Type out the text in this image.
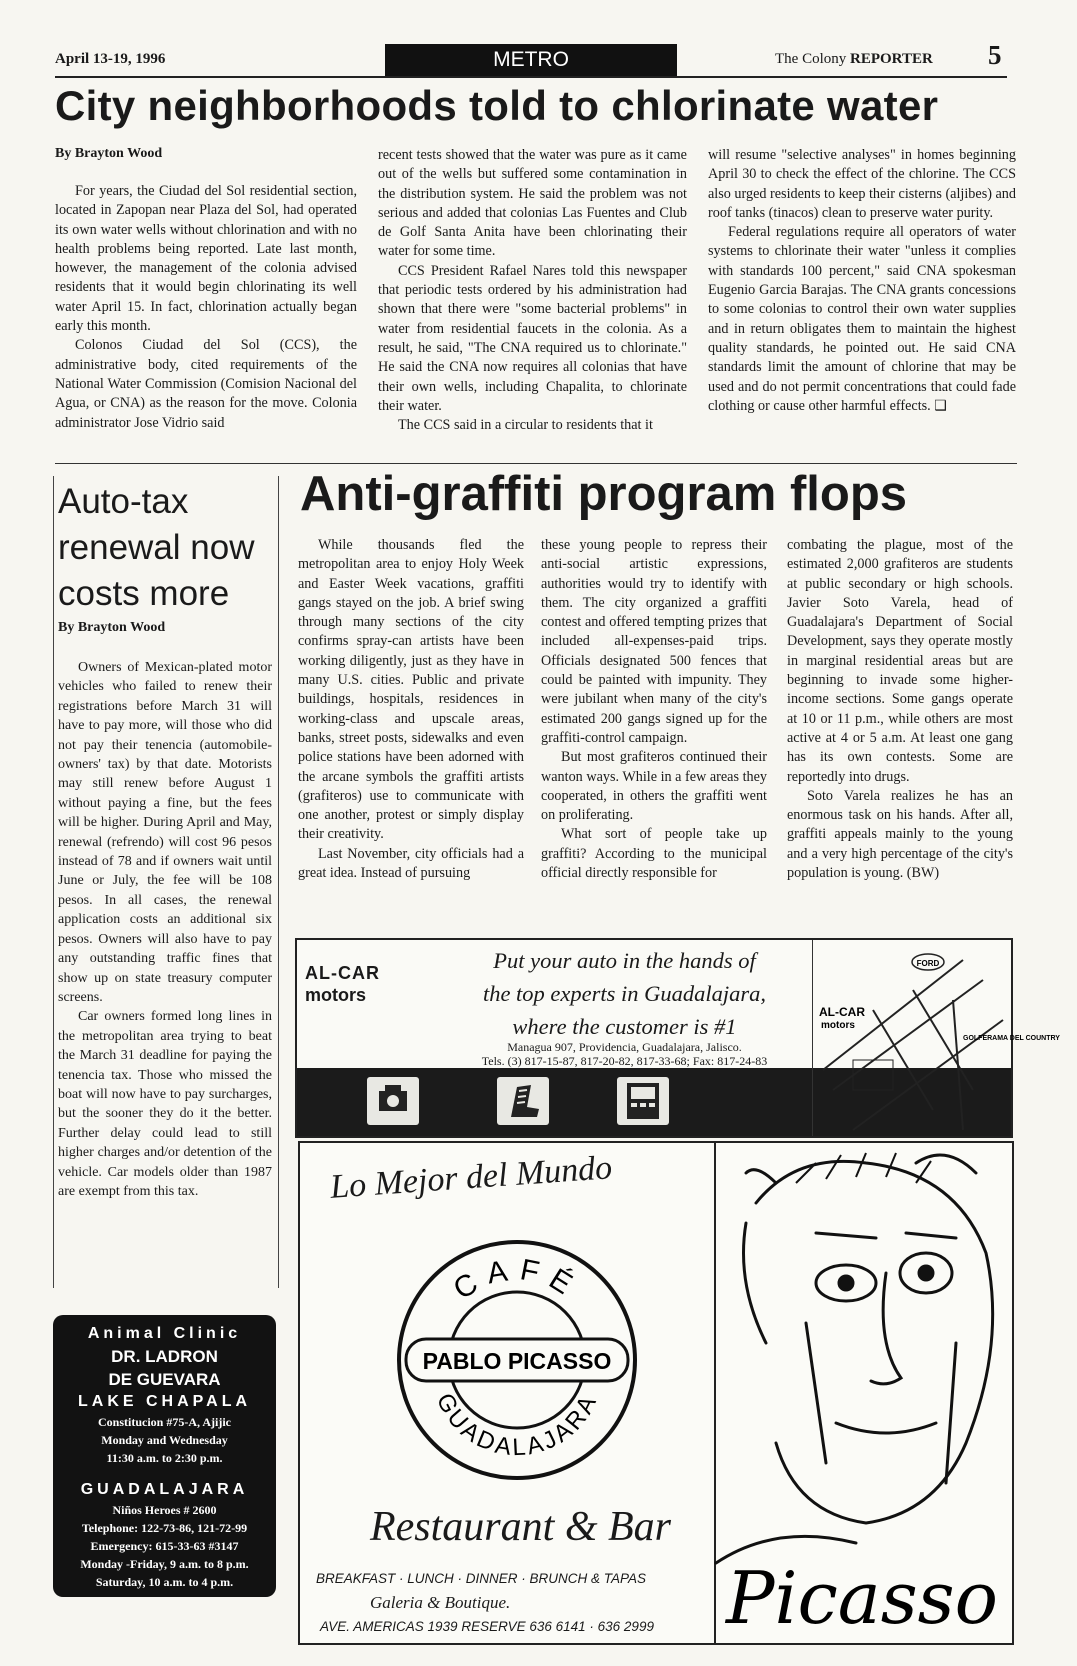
April 13-19, 1996	METRO	The Colony REPORTER 5
City neighborhoods told to chlorinate water

By Brayton Wood

For years, the Ciudad del Sol residential section, located in Zapopan near Plaza del Sol, had operated its own water wells without chlorination and with no health problems being reported. Late last month, however, the management of the colonia advised residents that it would begin chlorinating its well water April 15. In fact, chlorination actually began early this month.

Colonos Ciudad del Sol (CCS), the administrative body, cited requirements of the National Water Commission (Comision Nacional del Agua, or CNA) as the reason for the move. Colonia administrator Jose Vidrio said

recent tests showed that the water was pure as it came out of the wells but suffered some contamination in the distribution system. He said the problem was not serious and added that colonias Las Fuentes and Club de Golf Santa Anita have been chlorinating their water for some time.

CCS President Rafael Nares told this newspaper that periodic tests ordered by his administration had shown that there were "some bacterial problems" in water from residential faucets in the colonia. As a result, he said, "The CNA required us to chlorinate." He said the CNA now requires all colonias that have their own wells, including Chapalita, to chlorinate their water.

The CCS said in a circular to residents that it

will resume "selective analyses" in homes beginning April 30 to check the effect of the chlorine. The CCS also urged residents to keep their cisterns (aljibes) and roof tanks (tinacos) clean to preserve water purity.

Federal regulations require all operators of water systems to chlorinate their water "unless it complies with standards 100 percent," said CNA spokesman Eugenio Garcia Barajas. The CNA grants concessions to some colonias to control their own water supplies and in return obligates them to maintain the highest quality standards, he pointed out. He said CNA standards limit the amount of chlorine that may be used and do not permit concentrations that could fade clothing or cause other harmful effects. ❑

Auto-tax renewal now costs more

By Brayton Wood

Owners of Mexican-plated motor vehicles who failed to renew their registrations before March 31 will have to pay more, will those who did not pay their tenencia (automobile-owners' tax) by that date. Motorists may still renew before August 1 without paying a fine, but the fees will be higher. During April and May, renewal (refrendo) will cost 96 pesos instead of 78 and if owners wait until June or July, the fee will be 108 pesos. In all cases, the renewal application costs an additional six pesos. Owners will also have to pay any outstanding traffic fines that show up on state treasury computer screens.

Car owners formed long lines in the metropolitan area trying to beat the March 31 deadline for paying the tenencia tax. Those who missed the boat will now have to pay surcharges, but the sooner they do it the better. Further delay could lead to still higher charges and/or detention of the vehicle. Car models older than 1987 are exempt from this tax.

Anti-graffiti program flops

While thousands fled the metropolitan area to enjoy Holy Week and Easter Week vacations, graffiti gangs stayed on the job. A brief swing through many sections of the city confirms spray-can artists have been working diligently, just as they have in many U.S. cities. Public and private buildings, hospitals, residences in working-class and upscale areas, banks, street posts, sidewalks and even police stations have been adorned with the arcane symbols the graffiti artists (grafiteros) use to communicate with one another, protest or simply display their creativity.

Last November, city officials had a great idea. Instead of pursuing

these young people to repress their anti-social artistic expressions, authorities would try to identify with them. The city organized a graffiti contest and offered tempting prizes that included all-expenses-paid trips. Officials designated 500 fences that could be painted with impunity. They were jubilant when many of the city's estimated 200 gangs signed up for the graffiti-control campaign.

But most grafiteros continued their wanton ways. While in a few areas they cooperated, in others the graffiti went on proliferating.

What sort of people take up graffiti? According to the municipal official directly responsible for

combating the plague, most of the estimated 2,000 grafiteros are students at public secondary or high schools. Javier Soto Varela, head of Guadalajara's Department of Social Development, says they operate mostly in marginal residential areas but are beginning to invade some higher-income sections. Some gangs operate at 10 or 11 p.m., while others are most active at 4 or 5 a.m. At least one gang has its own contests. Some are reportedly into drugs.

Soto Varela realizes he has an enormous task on his hands. After all, graffiti appeals mainly to the young and a very high percentage of the city's population is young. (BW)

Animal Clinic
DR. LADRON
DE GUEVARA
LAKE CHAPALA
Constitucion #75-A, Ajijic
Monday and Wednesday
11:30 a.m. to 2:30 p.m.
GUADALAJARA
Niños Heroes # 2600
Telephone: 122-73-86, 121-72-99
Emergency: 615-33-63 #3147
Monday -Friday, 9 a.m. to 8 p.m.
Saturday, 10 a.m. to 4 p.m.
AL-CAR
motors
Put your auto in the hands of
the top experts in Guadalajara,
where the customer is #1
Managua 907, Providencia, Guadalajara, Jalisco.
Tels. (3) 817-15-87, 817-20-82, 817-33-68; Fax: 817-24-83
FORD
GOLFERAMA DEL COUNTRY
AL-CAR
motors
Lo Mejor del Mundo
CAFÉ
GUADALAJARA
PABLO PICASSO
Restaurant & Bar
BREAKFAST · LUNCH · DINNER · BRUNCH & TAPAS
Galeria & Boutique.
AVE. AMERICAS 1939 RESERVE 636 6141 · 636 2999 Picasso
